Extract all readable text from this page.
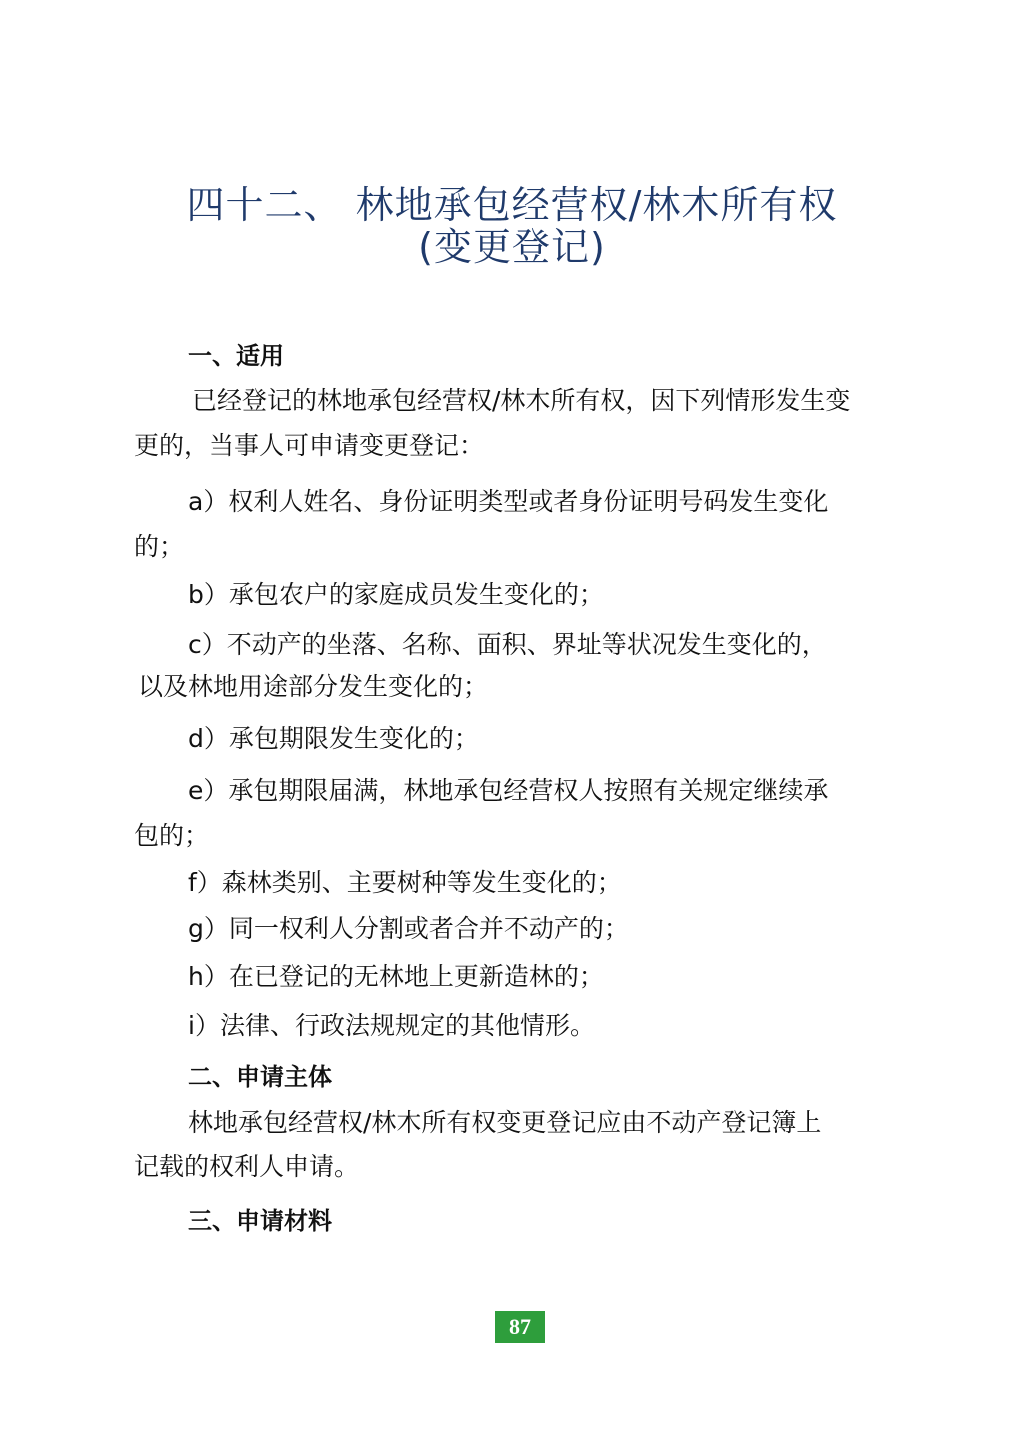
四十二、 林地承包经营权/林木所有权
(变更登记)
一、适用
已经登记的林地承包经营权/林木所有权，因下列情形发生变
更的，当事人可申请变更登记：
a）权利人姓名、身份证明类型或者身份证明号码发生变化
的；
b）承包农户的家庭成员发生变化的；
c）不动产的坐落、名称、面积、界址等状况发生变化的，
以及林地用途部分发生变化的；
d）承包期限发生变化的；
e）承包期限届满，林地承包经营权人按照有关规定继续承
包的；
f）森林类别、主要树种等发生变化的；
g）同一权利人分割或者合并不动产的；
h）在已登记的无林地上更新造林的；
i）法律、行政法规规定的其他情形。
二、申请主体
林地承包经营权/林木所有权变更登记应由不动产登记簿上
记载的权利人申请。
三、申请材料
87
